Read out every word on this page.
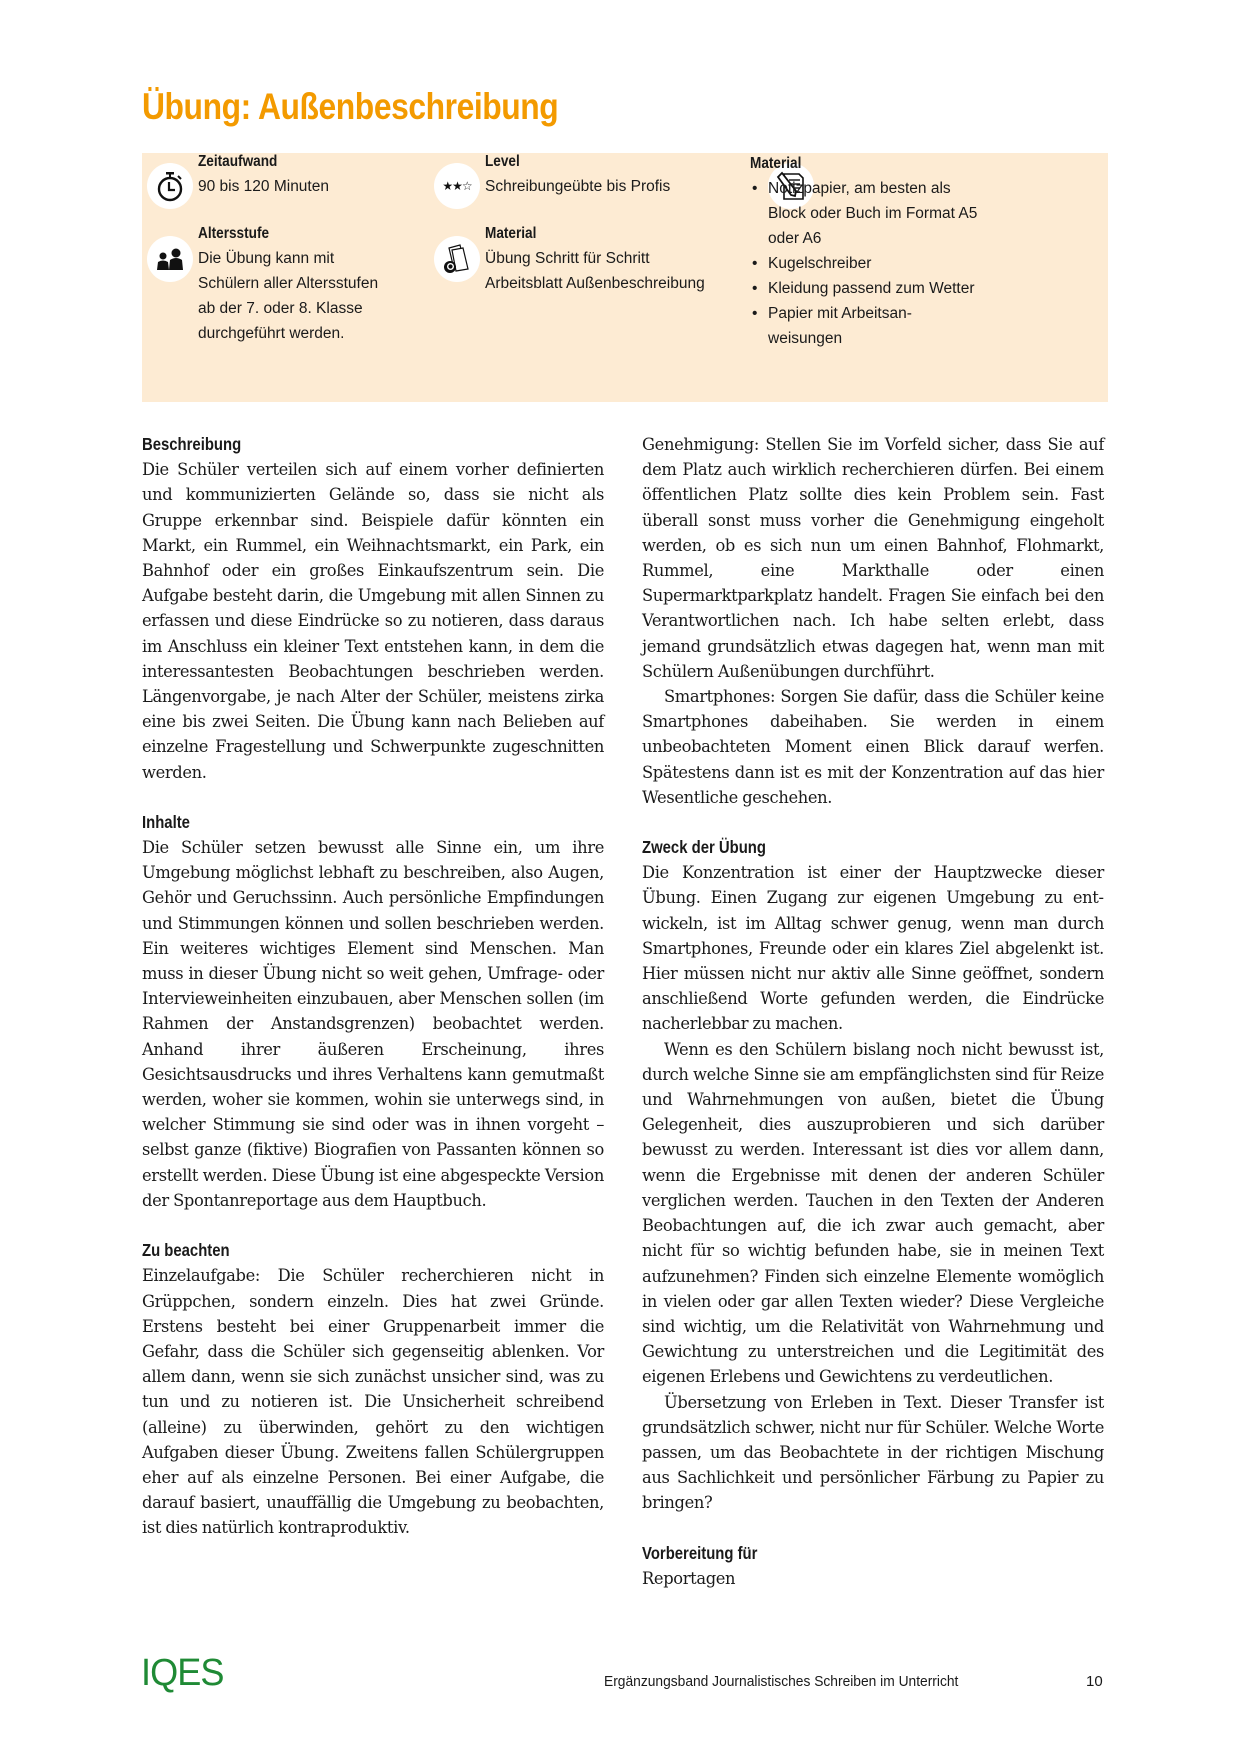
Übung: Außenbeschreibung
Zeitaufwand
90 bis 120 Minuten
Altersstufe
Die Übung kann mit
Schülern aller Altersstufen
ab der 7. oder 8. Klasse
durchgeführt werden.
★★☆
Level
Schreibungeübte bis Profis
Material
Übung Schritt für Schritt
Arbeitsblatt Außenbeschreibung
Material
• Notizpapier, am besten als Block oder Buch im Format A5 oder A6
• Kugelschreiber
• Kleidung passend zum Wetter
• Papier mit Arbeitsanweisungen
Beschreibung

Die Schüler verteilen sich auf einem vorher definierten und kommunizierten Gelände so, dass sie nicht als Gruppe erkennbar sind. Beispiele dafür könnten ein Markt, ein Rummel, ein Weihnachtsmarkt, ein Park, ein Bahnhof oder ein großes Einkaufszentrum sein. Die Aufgabe besteht darin, die Umgebung mit allen Sinnen zu erfassen und diese Eindrücke so zu notieren, dass daraus im Anschluss ein kleiner Text entstehen kann, in dem die interessantesten Beobachtungen beschrieben werden. Längenvorgabe, je nach Alter der Schüler, meistens zirka eine bis zwei Seiten. Die Übung kann nach Belieben auf einzelne Fragestellung und Schwerpunkte zugeschnitten werden.

Inhalte

Die Schüler setzen bewusst alle Sinne ein, um ihre Umgebung möglichst lebhaft zu beschreiben, also Augen, Gehör und Geruchssinn. Auch persönliche Empfindungen und Stimmungen können und sollen beschrieben werden. Ein weiteres wichtiges Element sind Menschen. Man muss in dieser Übung nicht so weit gehen, Umfrage- oder Intervieweinheiten einzubauen, aber Menschen sollen (im Rahmen der Anstandsgrenzen) beobachtet werden. Anhand ihrer äußeren Erscheinung, ihres Gesichtsausdrucks und ihres Verhaltens kann gemutmaßt werden, woher sie kommen, wohin sie unterwegs sind, in welcher Stimmung sie sind oder was in ihnen vorgeht – selbst ganze (fiktive) Biografien von Passanten können so erstellt werden. Diese Übung ist eine abgespeckte Version der Spontanreportage aus dem Hauptbuch.

Zu beachten

Einzelaufgabe: Die Schüler recherchieren nicht in Grüppchen, sondern einzeln. Dies hat zwei Gründe. Erstens besteht bei einer Gruppenarbeit immer die Gefahr, dass die Schüler sich gegenseitig ablenken. Vor allem dann, wenn sie sich zunächst unsicher sind, was zu tun und zu notieren ist. Die Unsicherheit schreibend (alleine) zu überwinden, gehört zu den wichtigen Aufgaben dieser Übung. Zweitens fallen Schülergruppen eher auf als einzelne Personen. Bei einer Aufgabe, die darauf basiert, unauffällig die Umgebung zu beobachten, ist dies natürlich kontraproduktiv.

Genehmigung: Stellen Sie im Vorfeld sicher, dass Sie auf dem Platz auch wirklich recherchieren dürfen. Bei einem öffentlichen Platz sollte dies kein Problem sein. Fast überall sonst muss vorher die Genehmigung eingeholt werden, ob es sich nun um einen Bahnhof, Flohmarkt, Rummel, eine Markthalle oder einen Supermarktparkplatz handelt. Fragen Sie einfach bei den Verantwortlichen nach. Ich habe selten erlebt, dass jemand grundsätzlich etwas dagegen hat, wenn man mit Schülern Außenübungen durchführt.

Smartphones: Sorgen Sie dafür, dass die Schüler keine Smartphones dabeihaben. Sie werden in einem unbeobachteten Moment einen Blick darauf werfen. Spätestens dann ist es mit der Konzentration auf das hier Wesentliche geschehen.

Zweck der Übung

Die Konzentration ist einer der Hauptzwecke dieser Übung. Einen Zugang zur eigenen Umgebung zu entwickeln, ist im Alltag schwer genug, wenn man durch Smartphones, Freunde oder ein klares Ziel abgelenkt ist. Hier müssen nicht nur aktiv alle Sinne geöffnet, sondern anschließend Worte gefunden werden, die Eindrücke nacherlebbar zu machen.

Wenn es den Schülern bislang noch nicht bewusst ist, durch welche Sinne sie am empfänglichsten sind für Reize und Wahrnehmungen von außen, bietet die Übung Gelegenheit, dies auszuprobieren und sich darüber bewusst zu werden. Interessant ist dies vor allem dann, wenn die Ergebnisse mit denen der anderen Schüler verglichen werden. Tauchen in den Texten der Anderen Beobachtungen auf, die ich zwar auch gemacht, aber nicht für so wichtig befunden habe, sie in meinen Text aufzunehmen? Finden sich einzelne Elemente womöglich in vielen oder gar allen Texten wieder? Diese Vergleiche sind wichtig, um die Relativität von Wahrnehmung und Gewichtung zu unterstreichen und die Legitimität des eigenen Erlebens und Gewichtens zu verdeutlichen.

Übersetzung von Erleben in Text. Dieser Transfer ist grundsätzlich schwer, nicht nur für Schüler. Welche Worte passen, um das Beobachtete in der richtigen Mischung aus Sachlichkeit und persönlicher Färbung zu Papier zu bringen?

Vorbereitung für

Reportagen

IQES	Ergänzungsband Journalistisches Schreiben im Unterricht	10
